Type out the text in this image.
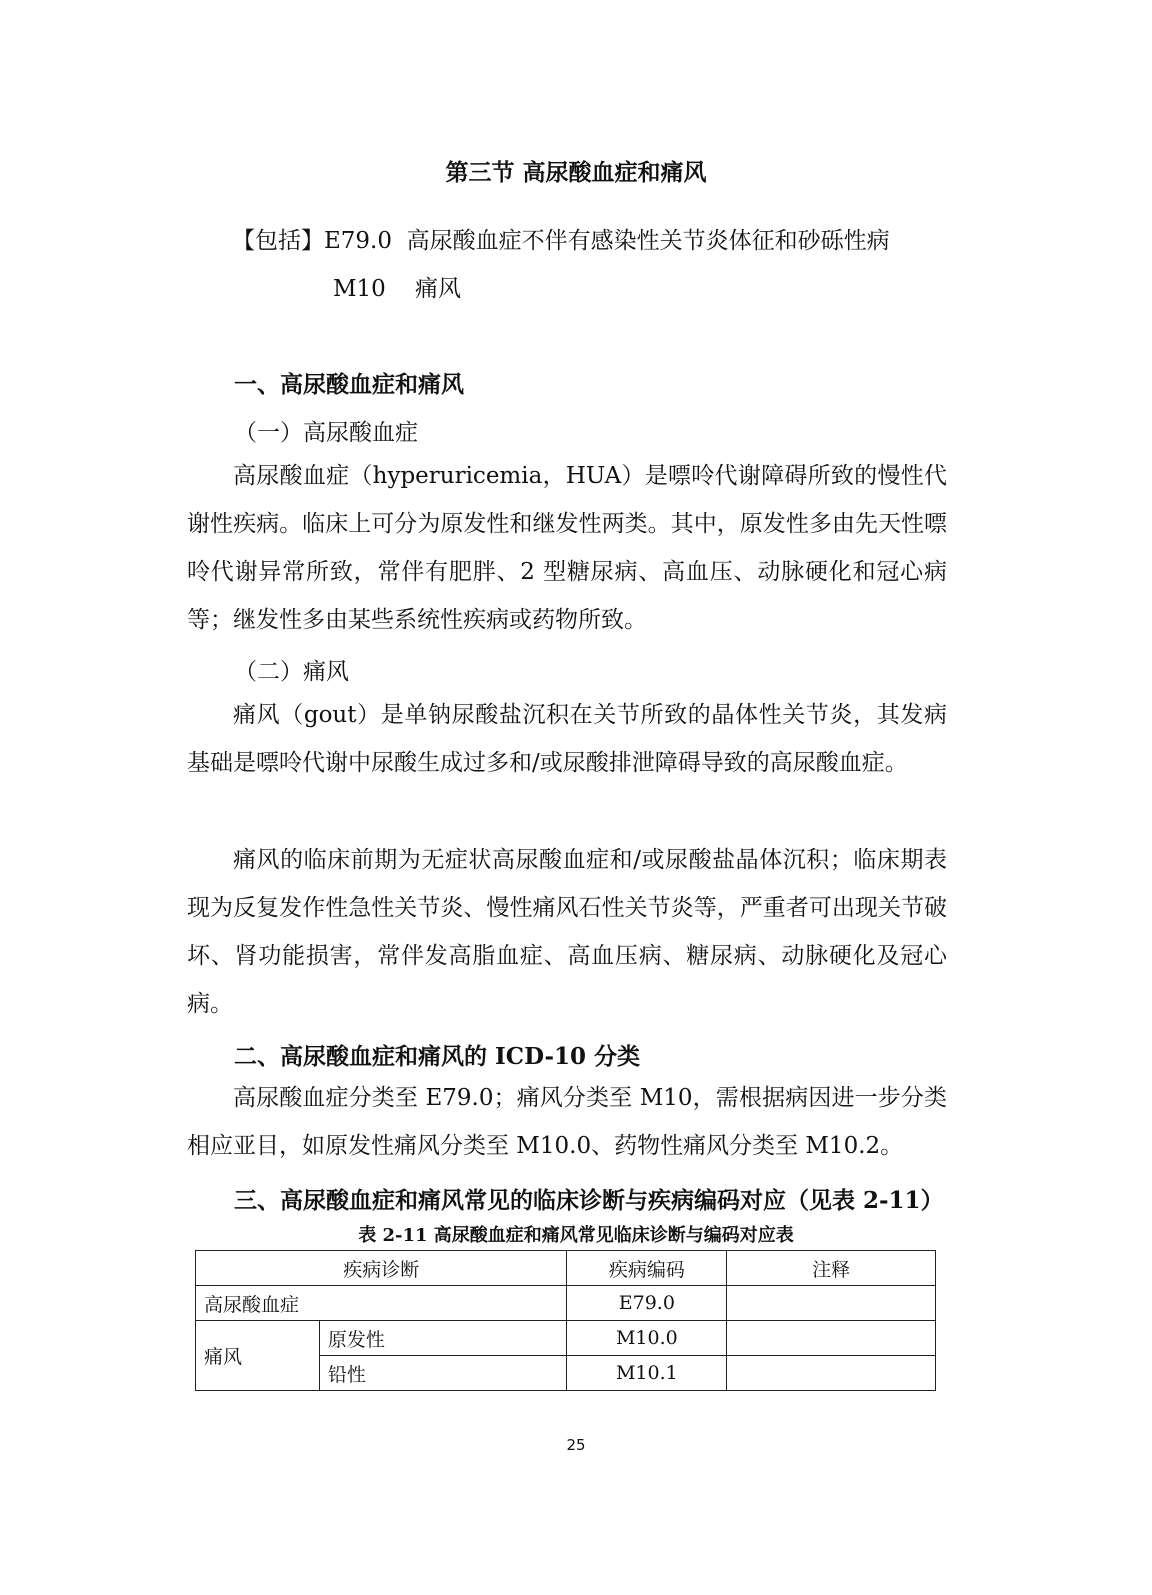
第三节 高尿酸血症和痛风
【包括】E79.0  高尿酸血症不伴有感染性关节炎体征和砂砾性病
M10    痛风
一、高尿酸血症和痛风
（一）高尿酸血症
高尿酸血症（hyperuricemia，HUA）是嘌呤代谢障碍所致的慢性代谢性疾病。临床上可分为原发性和继发性两类。其中，原发性多由先天性嘌呤代谢异常所致，常伴有肥胖、2 型糖尿病、高血压、动脉硬化和冠心病等；继发性多由某些系统性疾病或药物所致。
（二）痛风
痛风（gout）是单钠尿酸盐沉积在关节所致的晶体性关节炎，其发病基础是嘌呤代谢中尿酸生成过多和/或尿酸排泄障碍导致的高尿酸血症。
痛风的临床前期为无症状高尿酸血症和/或尿酸盐晶体沉积；临床期表现为反复发作性急性关节炎、慢性痛风石性关节炎等，严重者可出现关节破坏、肾功能损害，常伴发高脂血症、高血压病、糖尿病、动脉硬化及冠心病。
二、高尿酸血症和痛风的 ICD-10 分类
高尿酸血症分类至 E79.0；痛风分类至 M10，需根据病因进一步分类相应亚目，如原发性痛风分类至 M10.0、药物性痛风分类至 M10.2。
三、高尿酸血症和痛风常见的临床诊断与疾病编码对应（见表 2-11）
表 2-11 高尿酸血症和痛风常见临床诊断与编码对应表
疾病诊断		疾病编码	注释
高尿酸血症		E79.0	
痛风	原发性	M10.0	
	铅性	M10.1	
25
